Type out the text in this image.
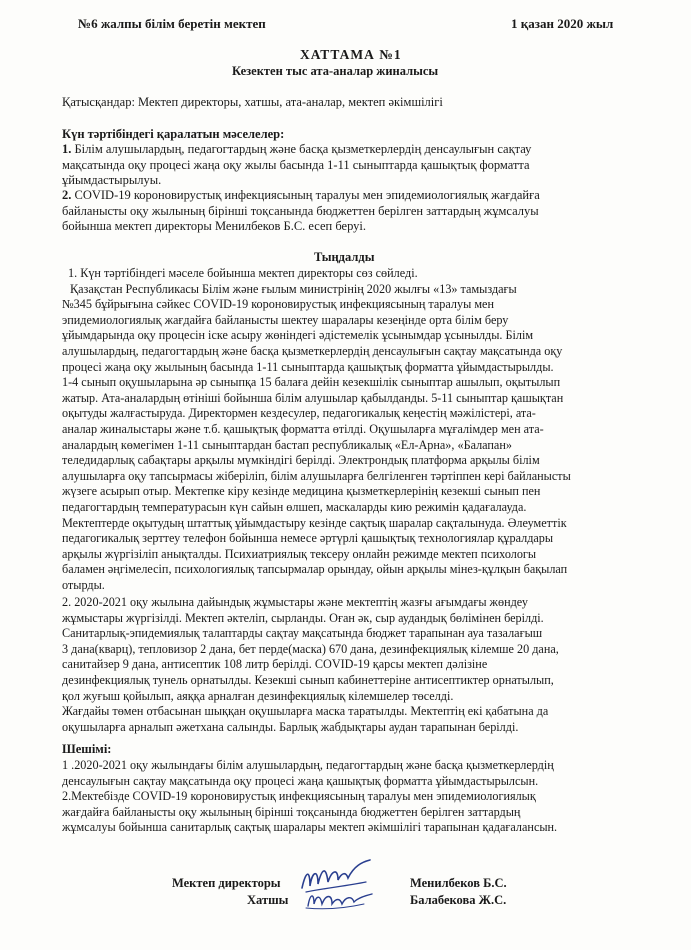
№6 жалпы білім беретін мектеп	1 қазан 2020 жыл
ХАТТАМА №1
Кезектен тыс ата-аналар жиналысы
Қатысқандар: Мектеп директоры, хатшы, ата-аналар, мектеп әкімшілігі
Күн тәртібіндегі қаралатын мәселелер:

1. Білім алушылардың, педагогтардың және басқа қызметкерлердің денсаулығын сақтау

мақсатында оқу процесі жаңа оқу жылы басында 1-11 сыныптарда қашықтық форматта

ұйымдастырылуы.

2. COVID-19 короновирустық инфекциясының таралуы мен эпидемиологиялық жағдайға

байланысты оқу жылының бірінші тоқсанында бюджеттен берілген заттардың жұмсалуы

бойынша мектеп директоры Менилбеков Б.С. есеп беруі.

Тыңдалды

1. Күн тәртібіндегі мәселе бойынша мектеп директоры сөз сөйледі.

Қазақстан Республикасы Білім және ғылым министрінің 2020 жылғы «13» тамыздағы

№345 бұйрығына сәйкес COVID-19 короновирустық инфекциясының таралуы мен

эпидемиологиялық жағдайға байланысты шектеу шаралары кезеңінде орта білім беру

ұйымдарында оқу процесін іске асыру жөніндегі әдістемелік ұсынымдар ұсынылды. Білім

алушылардың, педагогтардың және басқа қызметкерлердің денсаулығын сақтау мақсатында оқу

процесі жаңа оқу жылының басында 1-11 сыныптарда қашықтық форматта ұйымдастырылды.

1-4 сынып оқушыларына әр сыныпқа 15 балаға дейін кезекшілік сыныптар ашылып, оқытылып

жатыр. Ата-аналардың өтініші бойынша білім алушылар қабылданды. 5-11 сыныптар қашықтан

оқытуды жалғастыруда. Директормен кездесулер, педагогикалық кеңестің мәжілістері, ата-

аналар жиналыстары және т.б. қашықтық форматта өтілді. Оқушыларға мұғалімдер мен ата-

аналардың көмегімен 1-11 сыныптардан бастап республикалық «Ел-Арна», «Балапан»

теледидарлық сабақтары арқылы мүмкіндігі берілді. Электрондық платформа арқылы білім

алушыларға оқу тапсырмасы жіберіліп, білім алушыларға белгіленген тәртіппен кері байланысты

жүзеге асырып отыр. Мектепке кіру кезінде медицина қызметкерлерінің кезекші сынып пен

педагогтардың температурасын күн сайын өлшеп, маскаларды кию режимін қадағалауда.

Мектептерде оқытудың штаттық ұйымдастыру кезінде сақтық шаралар сақталынуда. Әлеуметтік

педагогикалық зерттеу телефон бойынша немесе әртүрлі қашықтық технологиялар құралдары

арқылы жүргізіліп анықталды. Психиатриялық тексеру онлайн режимде мектеп психологы

баламен әңгімелесіп, психологиялық тапсырмалар орындау, ойын арқылы мінез-құлқын бақылап

отырды.

2. 2020-2021 оқу жылына дайындық жұмыстары және мектептің жазғы ағымдағы жөндеу

жұмыстары жүргізілді. Мектеп әктеліп, сырланды. Оған әк, сыр аудандық бөлімінен берілді.

Санитарлық-эпидемиялық талаптарды сақтау мақсатында бюджет тарапынан ауа тазалағыш

3 дана(кварц), тепловизор 2 дана, бет перде(маска) 670 дана, дезинфекциялық кілемше 20 дана,

санитайзер 9 дана, антисептик 108 литр берілді. COVID-19 қарсы мектеп дәлізіне

дезинфекциялық тунель орнатылды. Кезекші сынып кабинеттеріне антисептиктер орнатылып,

қол жуғыш қойылып, аяққа арналған дезинфекциялық кілемшелер төселді.

Жағдайы төмен отбасынан шыққан оқушыларға маска таратылды. Мектептің екі қабатына да

оқушыларға арналып әжетхана салынды. Барлық жабдықтары аудан тарапынан берілді.

Шешімі:

1 .2020-2021 оқу жылындағы білім алушылардың, педагогтардың және басқа қызметкерлердің

денсаулығын сақтау мақсатында оқу процесі жаңа қашықтық форматта ұйымдастырылсын.

2.Мектебізде COVID-19 короновирустық инфекциясының таралуы мен эпидемиологиялық

жағдайға байланысты оқу жылының бірінші тоқсанында бюджеттен берілген заттардың

жұмсалуы бойынша санитарлық сақтық шаралары мектеп әкімшілігі тарапынан қадағалансын.

Мектеп директоры
Хатшы
Менилбеков Б.С.
Балабекова Ж.С.
